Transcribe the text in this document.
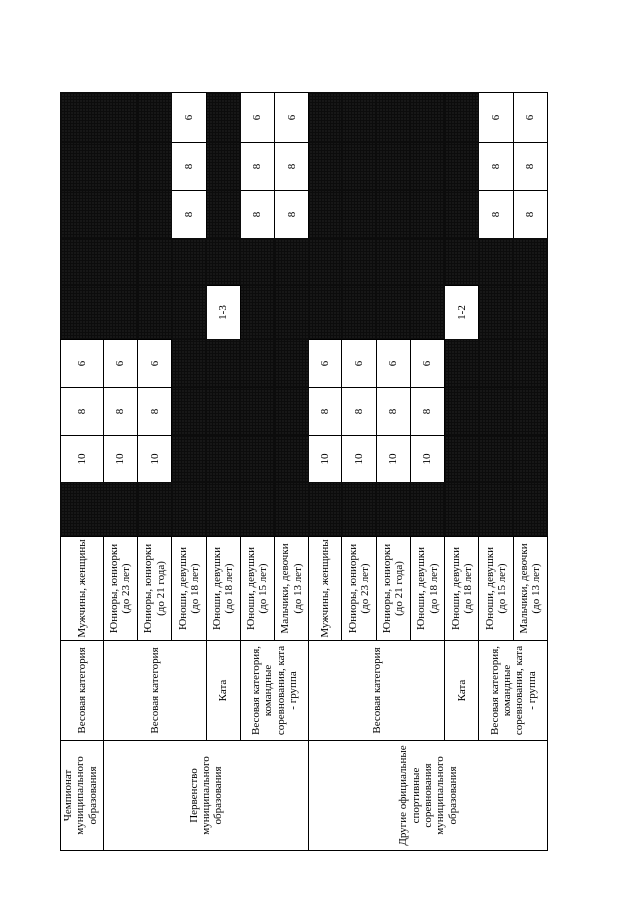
Чемпионат муниципального образования	Весовая категория	Мужчины, женщины		10	8	6					
Первенство муниципального образования	Весовая категория	Юниоры, юниорки (до 23 лет)		10	8	6					
		Юниоры, юниорки (до 21 года)		10	8	6					
		Юноши, девушки (до 18 лет)							8	8	6
	Ката	Юноши, девушки (до 18 лет)					1-3				
	Весовая категория, командные соревнования, ката - группа	Юноши, девушки (до 15 лет)							8	8	6
		Мальчики, девочки (до 13 лет)							8	8	6
Другие официальные спортивные соревнования муниципального образования	Весовая категория	Мужчины, женщины		10	8	6					
		Юниоры, юниорки (до 23 лет)		10	8	6					
		Юниоры, юниорки (до 21 года)		10	8	6					
		Юноши, девушки (до 18 лет)		10	8	6					
	Ката	Юноши, девушки (до 18 лет)					1-2				
	Весовая категория, командные соревнования, ката - группа	Юноши, девушки (до 15 лет)							8	8	6
		Мальчики, девочки (до 13 лет)							8	8	6
